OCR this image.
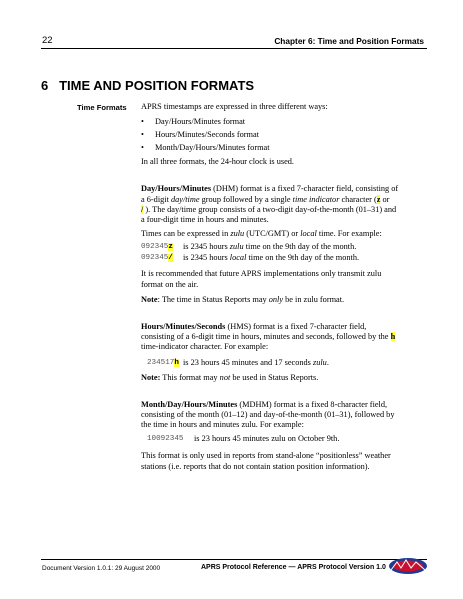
22	Chapter 6: Time and Position Formats
6   TIME AND POSITION FORMATS
Time Formats APRS timestamps are expressed in three different ways:

• Day/Hours/Minutes format
• Hours/Minutes/Seconds format
• Month/Day/Hours/Minutes format

In all three formats, the 24-hour clock is used.

Day/Hours/Minutes (DHM) format is a fixed 7-character field, consisting of

a 6-digit day/time group followed by a single time indicator character (z or

/ ). The day/time group consists of a two-digit day-of-the-month (01–31) and

a four-digit time in hours and minutes.

Times can be expressed in zulu (UTC/GMT) or local time. For example:

092345z is 2345 hours zulu time on the 9th day of the month.
092345/ is 2345 hours local time on the 9th day of the month.

It is recommended that future APRS implementations only transmit zulu

format on the air.

Note: The time in Status Reports may only be in zulu format.

Hours/Minutes/Seconds (HMS) format is a fixed 7-character field,

consisting of a 6-digit time in hours, minutes and seconds, followed by the h

time-indicator character. For example:

234517h is 23 hours 45 minutes and 17 seconds zulu.

Note: This format may not be used in Status Reports.

Month/Day/Hours/Minutes (MDHM) format is a fixed 8-character field,

consisting of the month (01–12) and day-of-the-month (01–31), followed by

the time in hours and minutes zulu. For example:

10092345 is 23 hours 45 minutes zulu on October 9th.

This format is only used in reports from stand-alone “positionless” weather

stations (i.e. reports that do not contain station position information).

Document Version 1.0.1: 29 August 2000	APRS Protocol Reference — APRS Protocol Version 1.0
